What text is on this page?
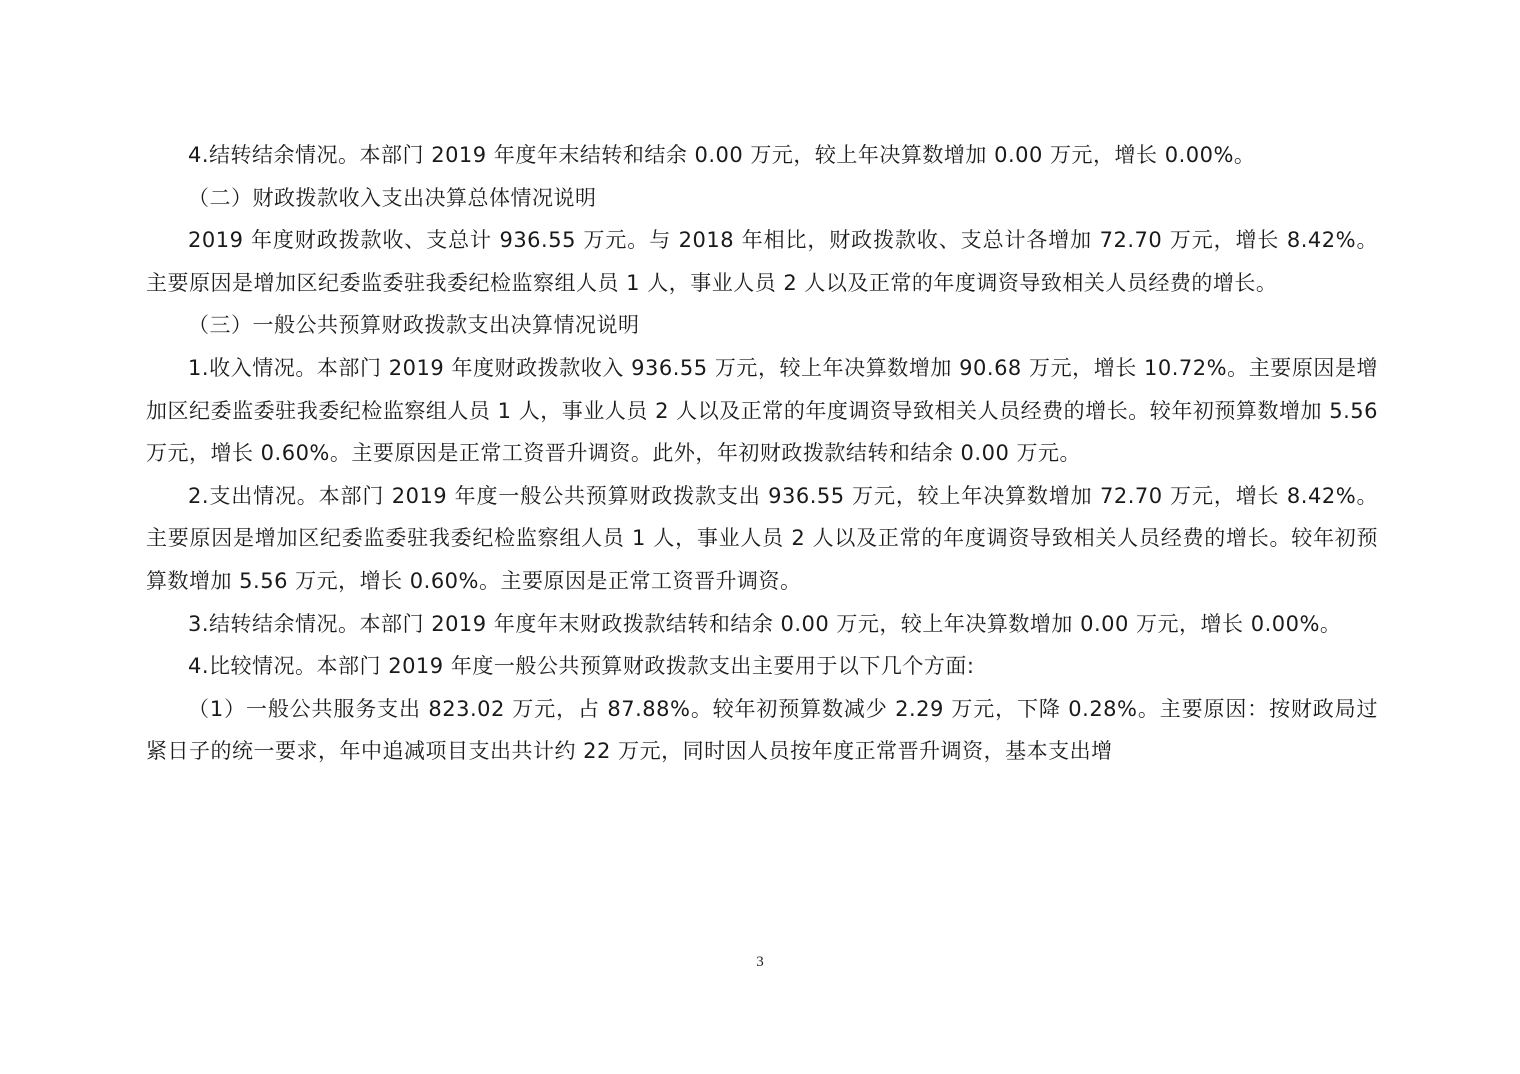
4.结转结余情况。本部门 2019 年度年末结转和结余 0.00 万元，较上年决算数增加 0.00 万元，增长 0.00%。

（二）财政拨款收入支出决算总体情况说明

2019 年度财政拨款收、支总计 936.55 万元。与 2018 年相比，财政拨款收、支总计各增加 72.70 万元，增长 8.42%。主要原因是增加区纪委监委驻我委纪检监察组人员 1 人，事业人员 2 人以及正常的年度调资导致相关人员经费的增长。

（三）一般公共预算财政拨款支出决算情况说明

1.收入情况。本部门 2019 年度财政拨款收入 936.55 万元，较上年决算数增加 90.68 万元，增长 10.72%。主要原因是增加区纪委监委驻我委纪检监察组人员 1 人，事业人员 2 人以及正常的年度调资导致相关人员经费的增长。较年初预算数增加 5.56 万元，增长 0.60%。主要原因是正常工资晋升调资。此外，年初财政拨款结转和结余 0.00 万元。

2.支出情况。本部门 2019 年度一般公共预算财政拨款支出 936.55 万元，较上年决算数增加 72.70 万元，增长 8.42%。主要原因是增加区纪委监委驻我委纪检监察组人员 1 人，事业人员 2 人以及正常的年度调资导致相关人员经费的增长。较年初预算数增加 5.56 万元，增长 0.60%。主要原因是正常工资晋升调资。

3.结转结余情况。本部门 2019 年度年末财政拨款结转和结余 0.00 万元，较上年决算数增加 0.00 万元，增长 0.00%。

4.比较情况。本部门 2019 年度一般公共预算财政拨款支出主要用于以下几个方面:

（1）一般公共服务支出 823.02 万元，占 87.88%。较年初预算数减少 2.29 万元，下降 0.28%。主要原因：按财政局过紧日子的统一要求，年中追减项目支出共计约 22 万元，同时因人员按年度正常晋升调资，基本支出增

3
